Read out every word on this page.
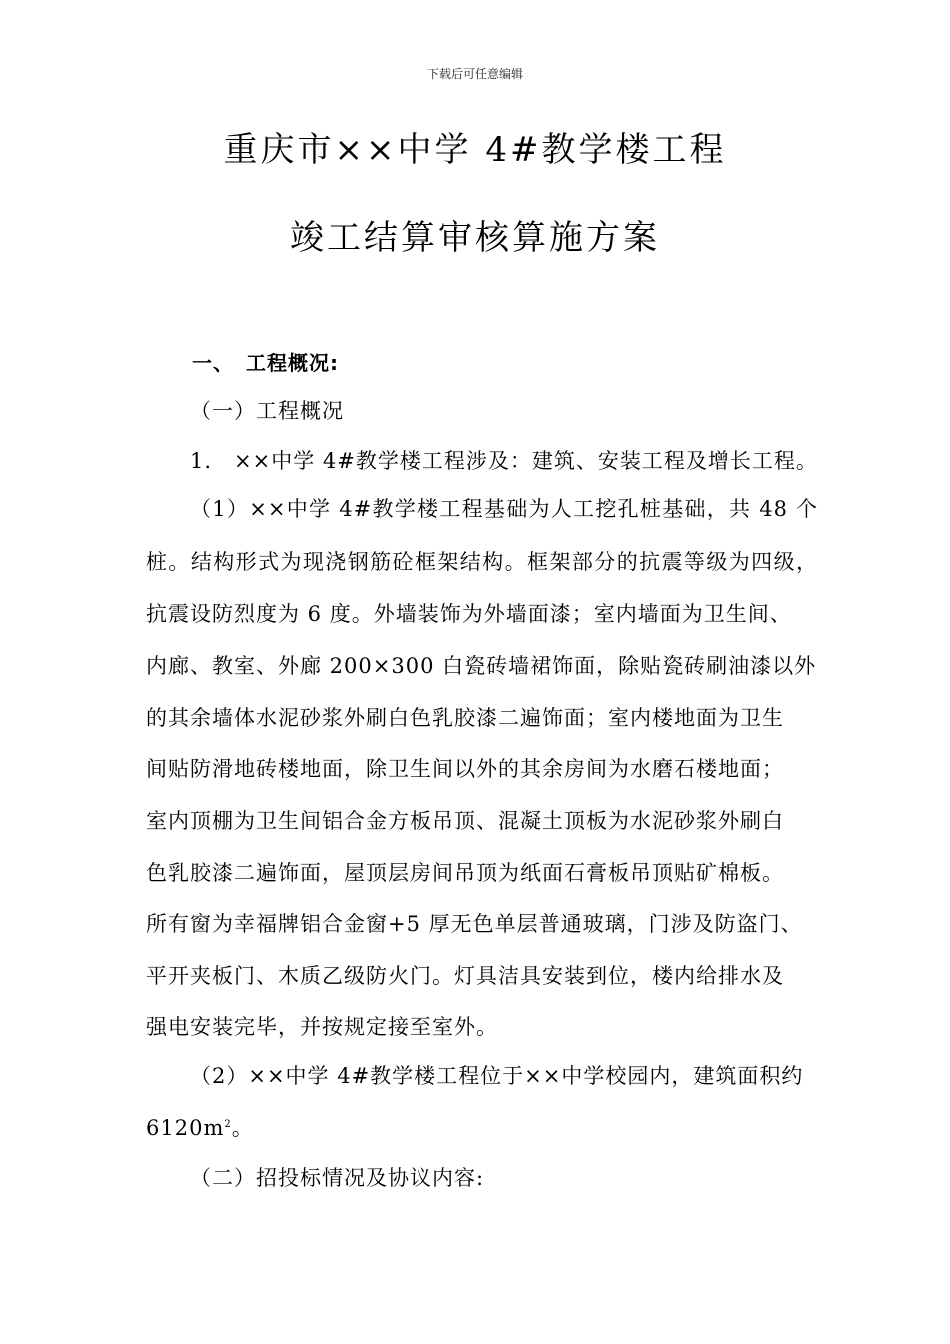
下载后可任意编辑
重庆市××中学 4#教学楼工程
竣工结算审核算施方案
一、 工程概况:
（一）工程概况
1.　××中学 4#教学楼工程涉及：建筑、安装工程及增长工程。
（1）××中学 4#教学楼工程基础为人工挖孔桩基础，共 48 个
桩。结构形式为现浇钢筋砼框架结构。框架部分的抗震等级为四级，
抗震设防烈度为 6 度。外墙装饰为外墙面漆；室内墙面为卫生间、
内廊、教室、外廊 200×300 白瓷砖墙裙饰面，除贴瓷砖刷油漆以外
的其余墙体水泥砂浆外刷白色乳胶漆二遍饰面；室内楼地面为卫生
间贴防滑地砖楼地面，除卫生间以外的其余房间为水磨石楼地面；
室内顶棚为卫生间铝合金方板吊顶、混凝土顶板为水泥砂浆外刷白
色乳胶漆二遍饰面，屋顶层房间吊顶为纸面石膏板吊顶贴矿棉板。
所有窗为幸福牌铝合金窗+5 厚无色单层普通玻璃，门涉及防盗门、
平开夹板门、木质乙级防火门。灯具洁具安装到位，楼内给排水及
强电安装完毕，并按规定接至室外。
（2）××中学 4#教学楼工程位于××中学校园内，建筑面积约
$6120m^2$。
（二）招投标情况及协议内容:
